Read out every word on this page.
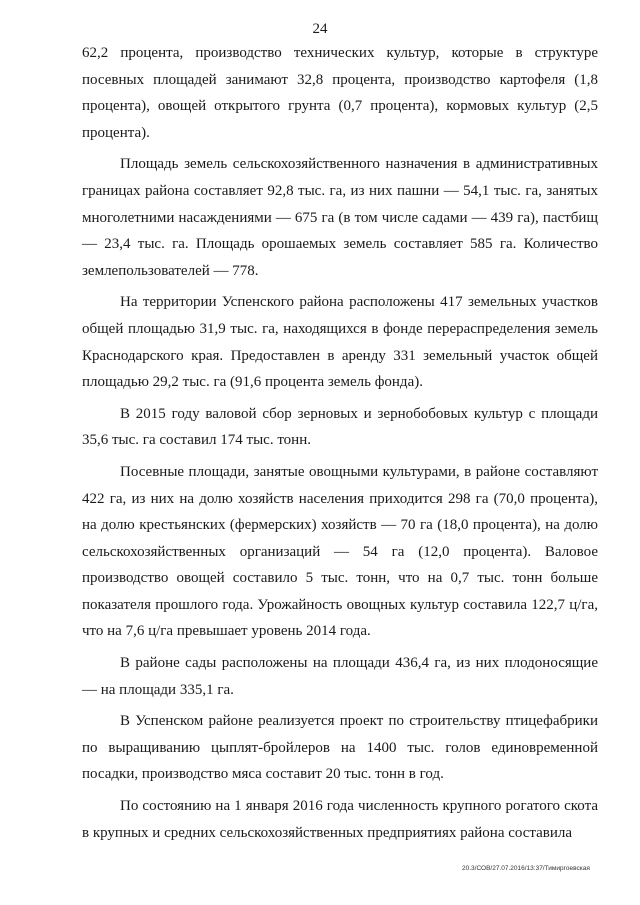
24

62,2 процента, производство технических культур, которые в структуре посевных площадей занимают 32,8 процента, производство картофеля (1,8 процента), овощей открытого грунта (0,7 процента), кормовых культур (2,5 процента).

Площадь земель сельскохозяйственного назначения в административных границах района составляет 92,8 тыс. га, из них пашни — 54,1 тыс. га, занятых многолетними насаждениями — 675 га (в том числе садами — 439 га), пастбищ — 23,4 тыс. га. Площадь орошаемых земель составляет 585 га. Количество землепользователей — 778.

На территории Успенского района расположены 417 земельных участков общей площадью 31,9 тыс. га, находящихся в фонде перераспределения земель Краснодарского края. Предоставлен в аренду 331 земельный участок общей площадью 29,2 тыс. га (91,6 процента земель фонда).

В 2015 году валовой сбор зерновых и зернобобовых культур с площади 35,6 тыс. га составил 174 тыс. тонн.

Посевные площади, занятые овощными культурами, в районе составляют 422 га, из них на долю хозяйств населения приходится 298 га (70,0 процента), на долю крестьянских (фермерских) хозяйств — 70 га (18,0 процента), на долю сельскохозяйственных организаций — 54 га (12,0 процента). Валовое производство овощей составило 5 тыс. тонн, что на 0,7 тыс. тонн больше показателя прошлого года. Урожайность овощных культур составила 122,7 ц/га, что на 7,6 ц/га превышает уровень 2014 года.

В районе сады расположены на площади 436,4 га, из них плодоносящие — на площади 335,1 га.

В Успенском районе реализуется проект по строительству птицефабрики по выращиванию цыплят-бройлеров на 1400 тыс. голов единовременной посадки, производство мяса составит 20 тыс. тонн в год.

По состоянию на 1 января 2016 года численность крупного рогатого скота в крупных и средних сельскохозяйственных предприятиях района составила

20.3/СОВ/27.07.2016/13:37/Тимиргоевская
